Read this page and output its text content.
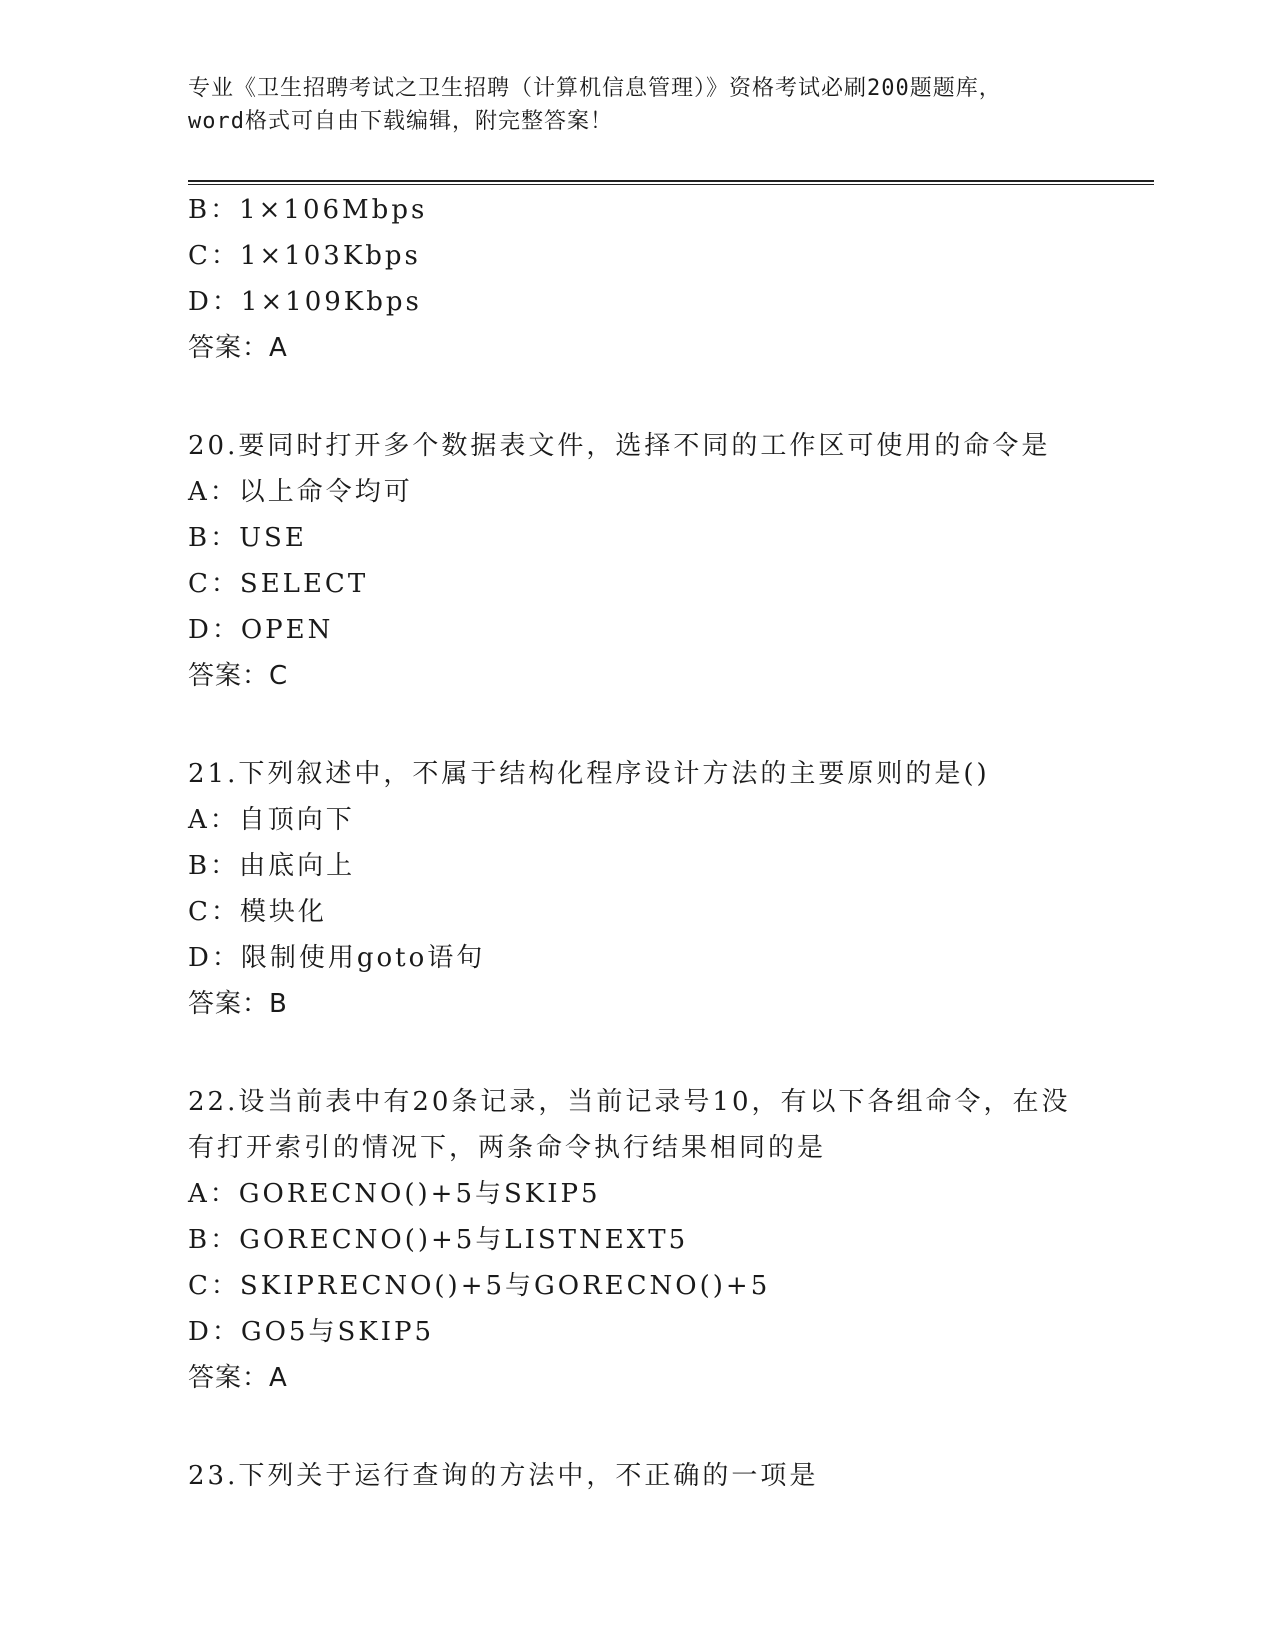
专业《卫生招聘考试之卫生招聘（计算机信息管理）》资格考试必刷200题题库，
word格式可自由下载编辑，附完整答案！
B：1×106Mbps
C：1×103Kbps
D：1×109Kbps
答案：A
20.要同时打开多个数据表文件，选择不同的工作区可使用的命令是
A：以上命令均可
B：USE
C：SELECT
D：OPEN
答案：C
21.下列叙述中，不属于结构化程序设计方法的主要原则的是()
A：自顶向下
B：由底向上
C：模块化
D：限制使用goto语句
答案：B
22.设当前表中有20条记录，当前记录号10，有以下各组命令，在没
有打开索引的情况下，两条命令执行结果相同的是
A：GORECNO()+5与SKIP5
B：GORECNO()+5与LISTNEXT5
C：SKIPRECNO()+5与GORECNO()+5
D：GO5与SKIP5
答案：A
23.下列关于运行查询的方法中，不正确的一项是
